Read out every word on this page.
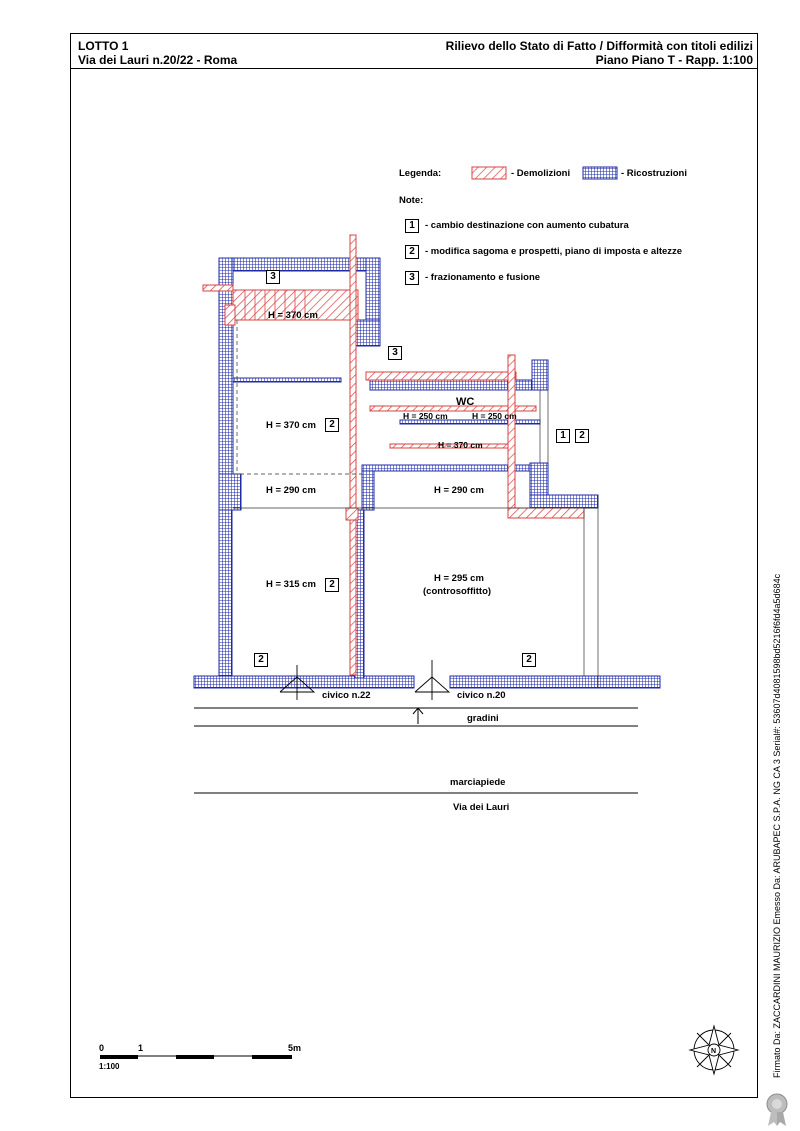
LOTTO 1
Via dei Lauri n.20/22 - Roma
Rilievo dello Stato di Fatto / Difformità con titoli edilizi
Piano Piano T - Rapp. 1:100
N
Legenda:	- Demolizioni	- Ricostruzioni
Note:
1	- cambio destinazione con aumento cubatura
2	- modifica sagoma e prospetti, piano di imposta e altezze
3	- frazionamento e fusione
H = 370 cm
H = 370 cm
H = 290 cm	H = 290 cm
WC
H = 250 cm	H = 250 cm
H = 370 cm
H = 315 cm
H = 295 cm
(controsoffitto)
3
3
2
1	2
2
2	2
civico n.22	civico n.20
gradini
marciapiede
Via dei Lauri
0	1	5m
1:100	Firmato Da: ZACCARDINI MAURIZIO Emesso Da: ARUBAPEC S.P.A. NG CA 3 Serial#: 53607d4081598bd5216f6fd4a5d684c
